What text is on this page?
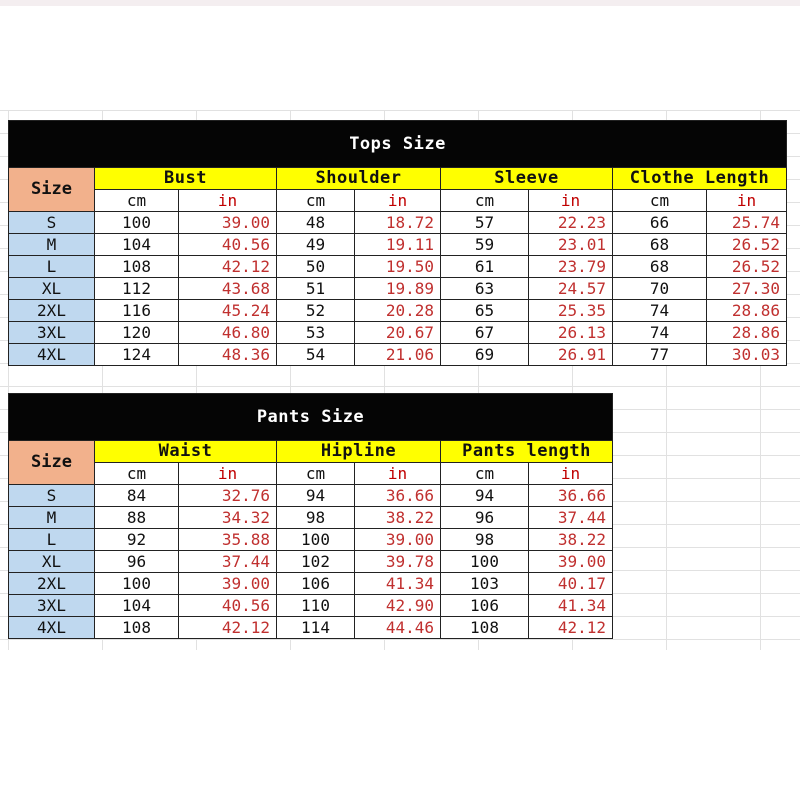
Tops Size								
Size	Bust		Shoulder		Sleeve		Clothe Length	
	cm	in	cm	in	cm	in	cm	in
S	100	39.00	48	18.72	57	22.23	66	25.74
M	104	40.56	49	19.11	59	23.01	68	26.52
L	108	42.12	50	19.50	61	23.79	68	26.52
XL	112	43.68	51	19.89	63	24.57	70	27.30
2XL	116	45.24	52	20.28	65	25.35	74	28.86
3XL	120	46.80	53	20.67	67	26.13	74	28.86
4XL	124	48.36	54	21.06	69	26.91	77	30.03
Pants Size						
Size	Waist		Hipline		Pants length	
	cm	in	cm	in	cm	in
S	84	32.76	94	36.66	94	36.66
M	88	34.32	98	38.22	96	37.44
L	92	35.88	100	39.00	98	38.22
XL	96	37.44	102	39.78	100	39.00
2XL	100	39.00	106	41.34	103	40.17
3XL	104	40.56	110	42.90	106	41.34
4XL	108	42.12	114	44.46	108	42.12
